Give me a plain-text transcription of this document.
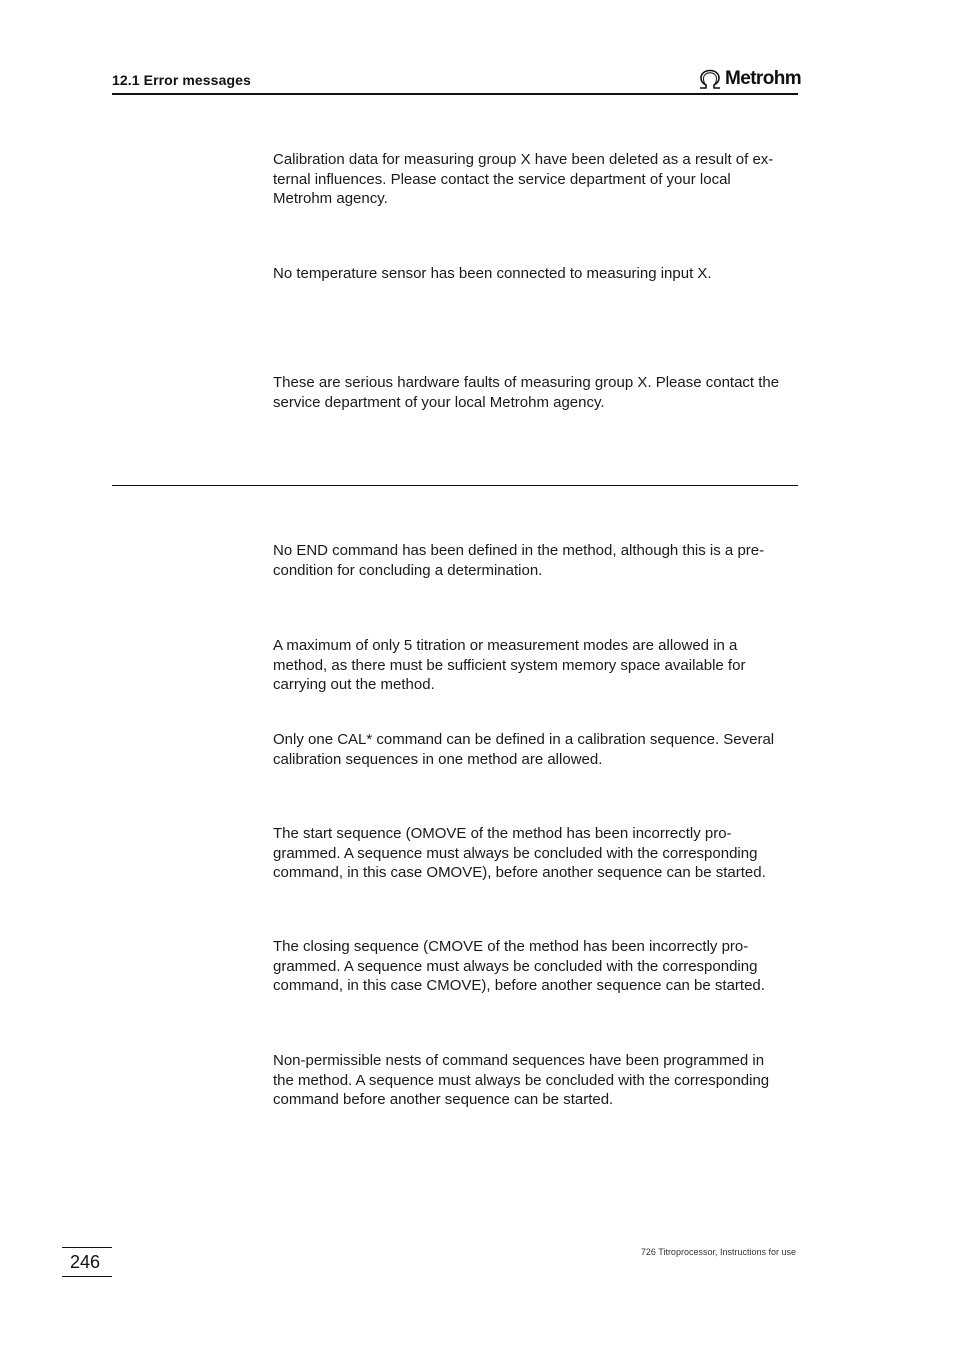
12.1 Error messages	Metrohm
Calibration data for measuring group X have been deleted as a result of ex-
ternal influences. Please contact the service department of your local
Metrohm agency.
No temperature sensor has been connected to measuring input X.
These are serious hardware faults of measuring group X. Please contact the
service department of your local Metrohm agency.
No END command has been defined in the method, although this is a pre-
condition for concluding a determination.
A maximum of only 5 titration or measurement modes are allowed in a
method, as there must be sufficient system memory space available for
carrying out the method.
Only one CAL* command can be defined in a calibration sequence. Several
calibration sequences in one method are allowed.
The start sequence (OMOVE of the method has been incorrectly pro-
grammed. A sequence must always be concluded with the corresponding
command, in this case OMOVE), before another sequence can be started.
The closing sequence (CMOVE of the method has been incorrectly pro-
grammed. A sequence must always be concluded with the corresponding
command, in this case CMOVE), before another sequence can be started.
Non-permissible nests of command sequences have been programmed in
the method. A sequence must always be concluded with the corresponding
command before another sequence can be started.
246	726 Titroprocessor, Instructions for use
